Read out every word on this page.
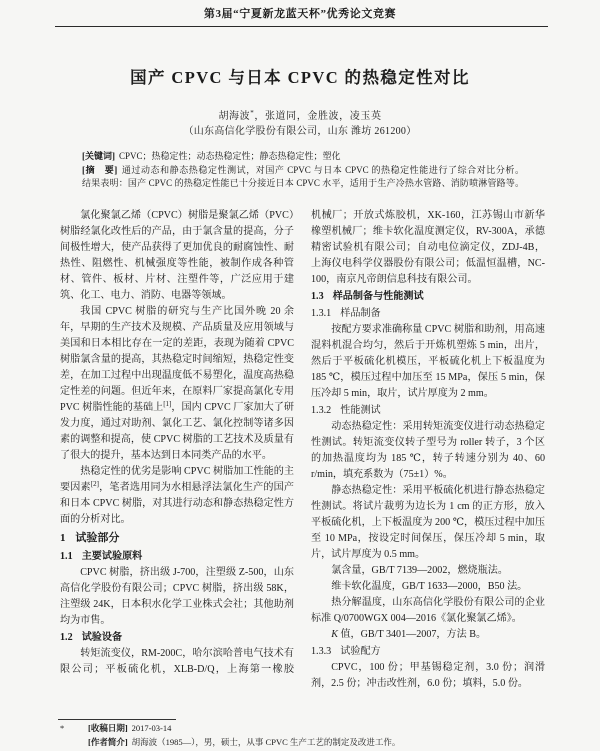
第3届“宁夏新龙蓝天杯”优秀论文竞赛
国产 CPVC 与日本 CPVC 的热稳定性对比
胡海波*，张道同，金胜波，凌玉英
（山东高信化学股份有限公司，山东 潍坊 261200）

[关键词] CPVC；热稳定性；动态热稳定性；静态热稳定性；塑化

[摘　要] 通过动态和静态热稳定性测试，对国产 CPVC 与日本 CPVC 的热稳定性能进行了综合对比分析。
结果表明：国产 CPVC 的热稳定性能已十分接近日本 CPVC 水平，适用于生产冷热水管路、消防喷淋管路等。

氯化聚氯乙烯（CPVC）树脂是聚氯乙烯（PVC）树脂经氯化改性后的产品，由于氯含量的提高，分子间极性增大，使产品获得了更加优良的耐腐蚀性、耐热性、阻燃性、机械强度等性能，被制作成各种管材、管件、板材、片材、注塑件等，广泛应用于建筑、化工、电力、消防、电器等领域。

我国 CPVC 树脂的研究与生产比国外晚 20 余年，早期的生产技术及规模、产品质量及应用领域与美国和日本相比存在一定的差距，表现为随着 CPVC 树脂氯含量的提高，其热稳定时间缩短，热稳定性变差，在加工过程中出现温度低不易塑化，温度高热稳定性差的问题。但近年来，在原料厂家提高氯化专用 PVC 树脂性能的基础上[1]，国内 CPVC 厂家加大了研发力度，通过对助剂、氯化工艺、氯化控制等诸多因素的调整和提高，使 CPVC 树脂的工艺技术及质量有了很大的提升，基本达到日本同类产品的水平。

热稳定性的优劣是影响 CPVC 树脂加工性能的主要因素[2]，笔者选用同为水相悬浮法氯化生产的国产和日本 CPVC 树脂，对其进行动态和静态热稳定性方面的分析对比。

1 试验部分
1.1 主要试验原料

CPVC 树脂，挤出级 J-700，注塑级 Z-500，山东高信化学股份有限公司；CPVC 树脂，挤出级 58K，注塑级 24K，日本积水化学工业株式会社；其他助剂均为市售。

1.2 试验设备

转矩流变仪，RM-200C，哈尔滨哈普电气技术有限公司；平板硫化机，XLB-D/Q，上海第一橡胶

机械厂；开放式炼胶机，XK-160，江苏锡山市新华橡塑机械厂；维卡软化温度测定仪，RV-300A，承德精密试验机有限公司；自动电位滴定仪，ZDJ-4B，上海仪电科学仪器股份有限公司；低温恒温槽，NC-100，南京凡帝朗信息科技有限公司。

1.3 样品制备与性能测试
1.3.1 样品制备

按配方要求准确称量 CPVC 树脂和助剂，用高速混料机混合均匀，然后于开炼机塑炼 5 min，出片，然后于平板硫化机模压，平板硫化机上下板温度为 185 ℃，模压过程中加压至 15 MPa，保压 5 min，保压冷却 5 min，取片，试片厚度为 2 mm。

1.3.2 性能测试

动态热稳定性：采用转矩流变仪进行动态热稳定性测试。转矩流变仪转子型号为 roller 转子，3 个区的加热温度均为 185 ℃，转子转速分别为 40、60 r/min，填充系数为（75±1）%。

静态热稳定性：采用平板硫化机进行静态热稳定性测试。将试片裁剪为边长为 1 cm 的正方形，放入平板硫化机，上下板温度为 200 ℃，模压过程中加压至 10 MPa，按设定时间保压，保压冷却 5 min，取片，试片厚度为 0.5 mm。

氯含量，GB/T 7139—2002，燃烧瓶法。

维卡软化温度，GB/T 1633—2000，B50 法。

热分解温度，山东高信化学股份有限公司的企业标准 Q/0700WGX 004—2016《氯化聚氯乙烯》。

K 值，GB/T 3401—2007，方法 B。

1.3.3 试验配方

CPVC，100 份；甲基锡稳定剂，3.0 份；润滑剂，2.5 份；冲击改性剂，6.0 份；填料，5.0 份。

*	[收稿日期] 2017-03-14
[作者简介] 胡海波（1985—），男，硕士，从事 CPVC 生产工艺的制定及改进工作。
